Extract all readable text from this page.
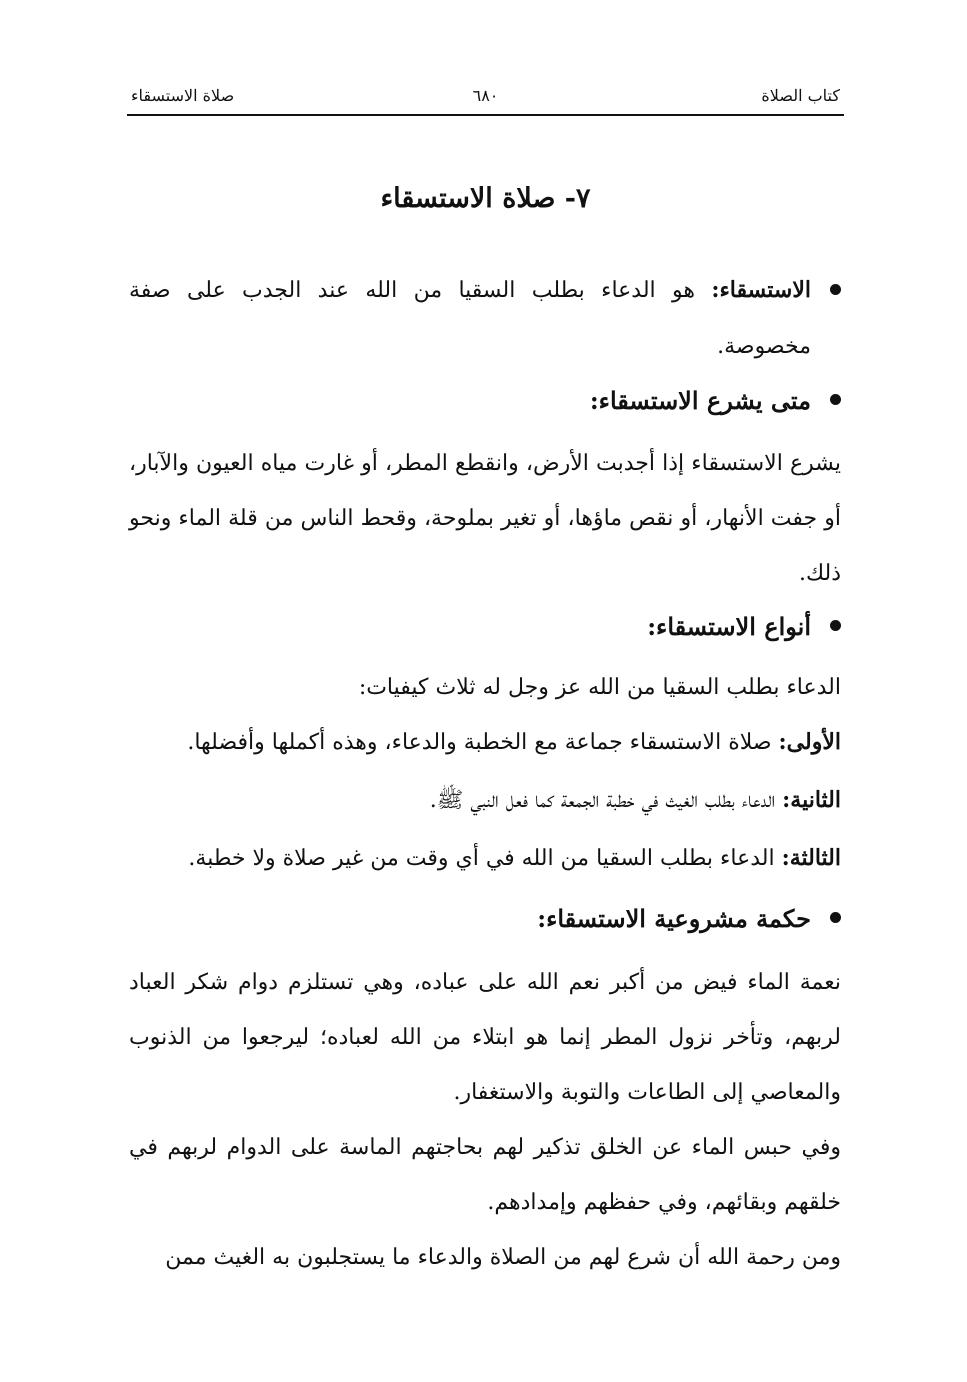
كتاب الصلاة
٦٨٠
صلاة الاستسقاء
٧- صلاة الاستسقاء
الاستسقاء: هو الدعاء بطلب السقيا من الله عند الجدب على صفة مخصوصة.
متى يشرع الاستسقاء:
يشرع الاستسقاء إذا أجدبت الأرض، وانقطع المطر، أو غارت مياه العيون والآبار، أو جفت الأنهار، أو نقص ماؤها، أو تغير بملوحة، وقحط الناس من قلة الماء ونحو ذلك.
أنواع الاستسقاء:
الدعاء بطلب السقيا من الله عز وجل له ثلاث كيفيات:
الأولى: صلاة الاستسقاء جماعة مع الخطبة والدعاء، وهذه أكملها وأفضلها.
الثانية: الدعاء بطلب الغيث في خطبة الجمعة كما فعل النبي ﷺ.
الثالثة: الدعاء بطلب السقيا من الله في أي وقت من غير صلاة ولا خطبة.
حكمة مشروعية الاستسقاء:
نعمة الماء فيض من أكبر نعم الله على عباده، وهي تستلزم دوام شكر العباد لربهم، وتأخر نزول المطر إنما هو ابتلاء من الله لعباده؛ ليرجعوا من الذنوب والمعاصي إلى الطاعات والتوبة والاستغفار.
وفي حبس الماء عن الخلق تذكير لهم بحاجتهم الماسة على الدوام لربهم في خلقهم وبقائهم، وفي حفظهم وإمدادهم.
ومن رحمة الله أن شرع لهم من الصلاة والدعاء ما يستجلبون به الغيث ممن
